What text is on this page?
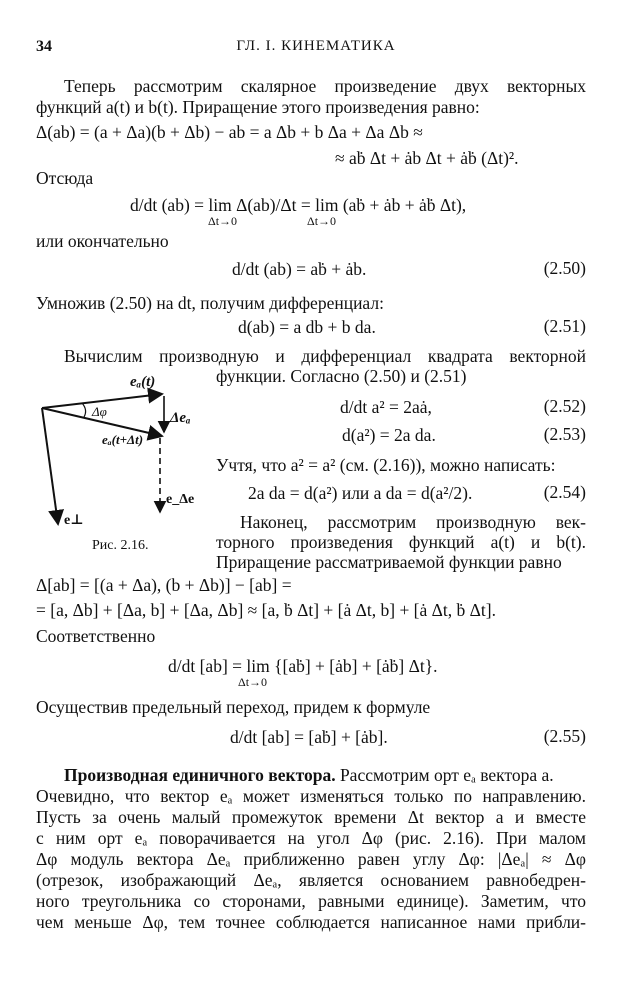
34	ГЛ. I. КИНЕМАТИКА
Теперь рассмотрим скалярное произведение двух векторных
функций a(t) и b(t). Приращение этого произведения равно:
Δ(ab) = (a + Δa)(b + Δb) − ab = a Δb + b Δa + Δa Δb ≈
≈ aḃ Δt + ȧb Δt + ȧḃ (Δt)².
Отсюда
d/dt (ab) = lim Δ(ab)/Δt = lim (aḃ + ȧb + ȧḃ Δt),
Δt→0	Δt→0
или окончательно
d/dt (ab) = aḃ + ȧb.	(2.50)
Умножив (2.50) на dt, получим дифференциал:
d(ab) = a db + b da.	(2.51)
Вычислим производную и дифференциал квадрата векторной
функции. Согласно (2.50) и (2.51)
eₐ(t)
Δφ	Δeₐ
eₐ(t+Δt)
e_Δe
e⊥
Рис. 2.16.
d/dt a² = 2aȧ,	(2.52)
d(a²) = 2a da.	(2.53)
Учтя, что a² = a² (см. (2.16)), можно написать:
2a da = d(a²) или a da = d(a²/2).	(2.54)
Наконец, рассмотрим производную век-
торного произведения функций a(t) и b(t).
Приращение рассматриваемой функции равно
Δ[ab] = [(a + Δa), (b + Δb)] − [ab] =
= [a, Δb] + [Δa, b] + [Δa, Δb] ≈ [a, ḃ Δt] + [ȧ Δt, b] + [ȧ Δt, ḃ Δt].
Соответственно
d/dt [ab] = lim {[aḃ] + [ȧb] + [ȧḃ] Δt}.
Δt→0
Осуществив предельный переход, придем к формуле
d/dt [ab] = [aḃ] + [ȧb].	(2.55)
Производная единичного вектора. Рассмотрим орт eₐ вектора a.
Очевидно, что вектор eₐ может изменяться только по направлению.
Пусть за очень малый промежуток времени Δt вектор a и вместе
с ним орт eₐ поворачивается на угол Δφ (рис. 2.16). При малом
Δφ модуль вектора Δeₐ приближенно равен углу Δφ: |Δeₐ| ≈ Δφ
(отрезок, изображающий Δeₐ, является основанием равнобедрен-
ного треугольника со сторонами, равными единице). Заметим, что
чем меньше Δφ, тем точнее соблюдается написанное нами прибли-
